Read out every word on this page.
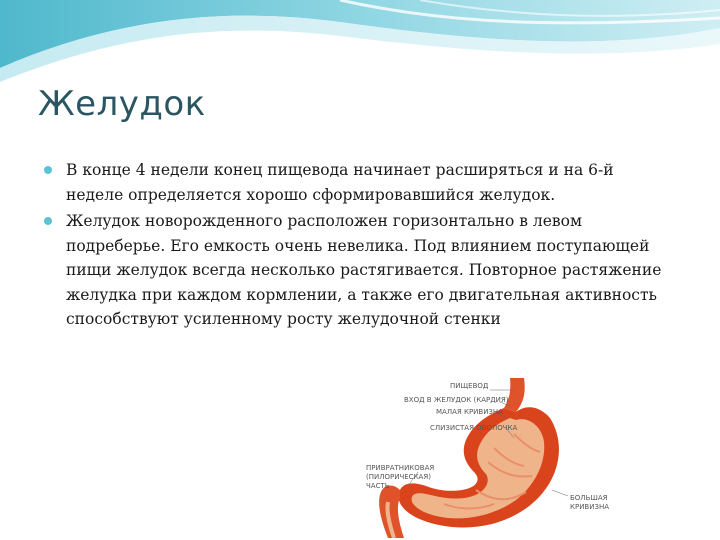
Желудок
В конце 4 недели конец пищевода начинает расширяться и на 6-й неделе определяется хорошо сформировавшийся желудок.
Желудок новорожденного расположен горизонтально в левом подреберье. Его емкость очень невелика. Под влиянием поступающей пищи желудок всегда несколько растягивается. Повторное растяжение желудка при каждом кормлении, а также его двигательная активность способствуют усиленному росту желудочной стенки
ПИЩЕВОД
ВХОД В ЖЕЛУДОК (КАРДИЯ)
МАЛАЯ КРИВИЗНА
СЛИЗИСТАЯ ОБОЛОЧКА
ПРИВРАТНИКОВАЯ
(ПИЛОРИЧЕСКАЯ)
ЧАСТЬ
БОЛЬШАЯ
КРИВИЗНА
